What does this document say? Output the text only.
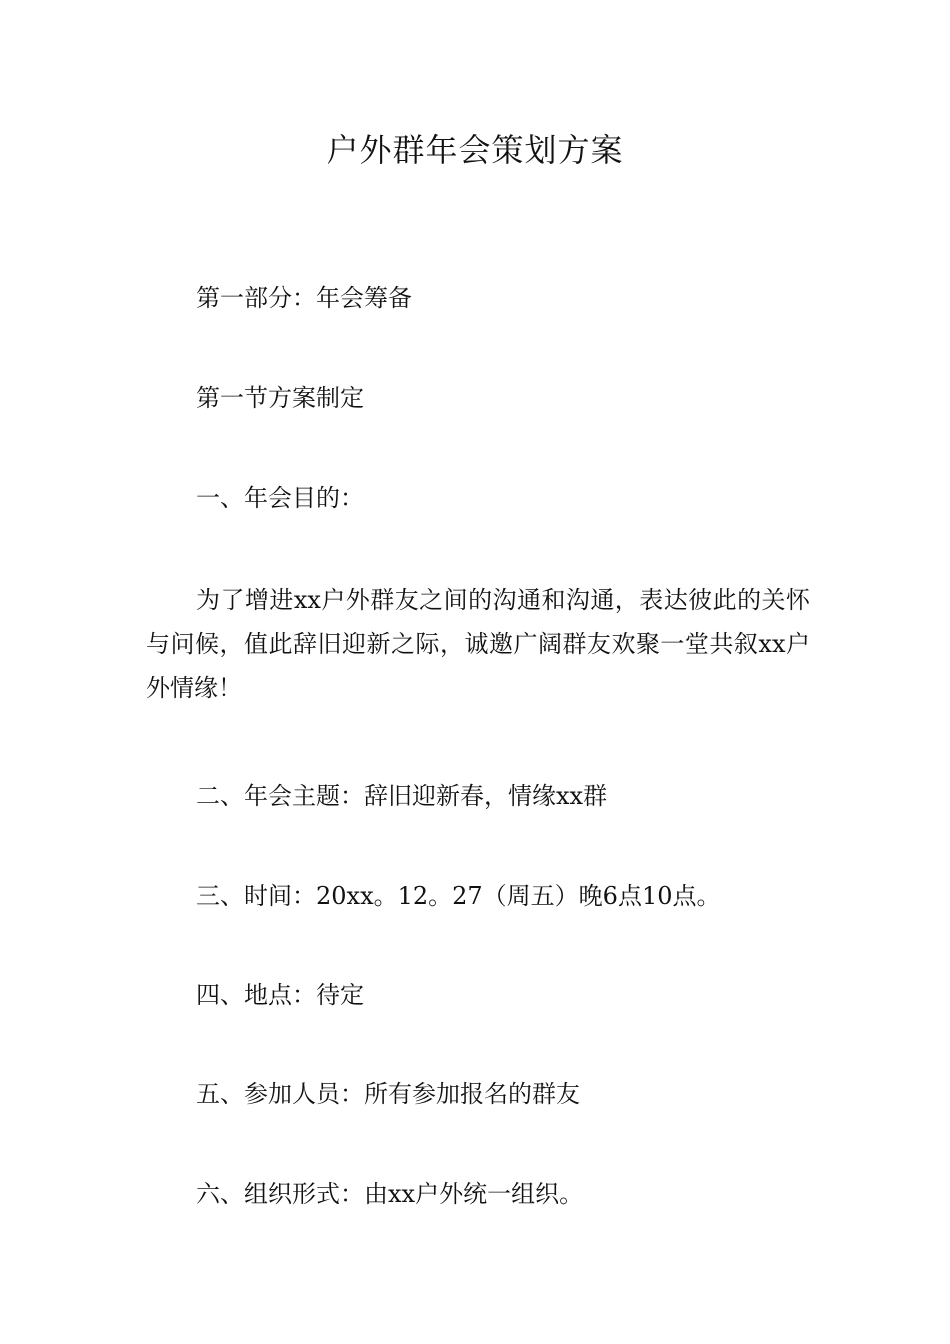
户外群年会策划方案

第一部分：年会筹备

第一节方案制定

一、年会目的：

为了增进xx户外群友之间的沟通和沟通，表达彼此的关怀与问候，值此辞旧迎新之际，诚邀广阔群友欢聚一堂共叙xx户外情缘！

二、年会主题：辞旧迎新春，情缘xx群

三、时间：20xx。12。27（周五）晚6点10点。

四、地点：待定

五、参加人员：所有参加报名的群友

六、组织形式：由xx户外统一组织。
